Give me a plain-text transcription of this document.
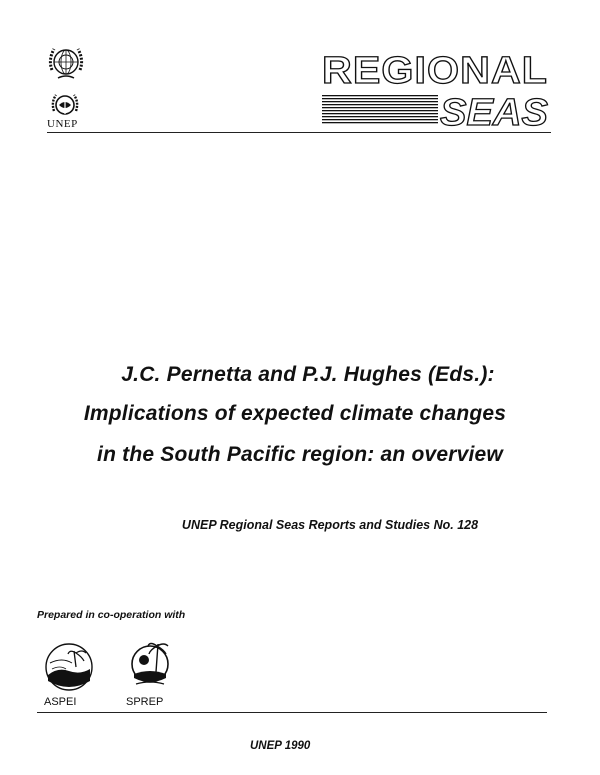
UNEP
REGIONAL
SEAS
J.C. Pernetta and P.J. Hughes (Eds.):
Implications of expected climate changes
in the South Pacific region: an overview
UNEP Regional Seas Reports and Studies No. 128
Prepared in co-operation with
ASPEI	SPREP
UNEP 1990
